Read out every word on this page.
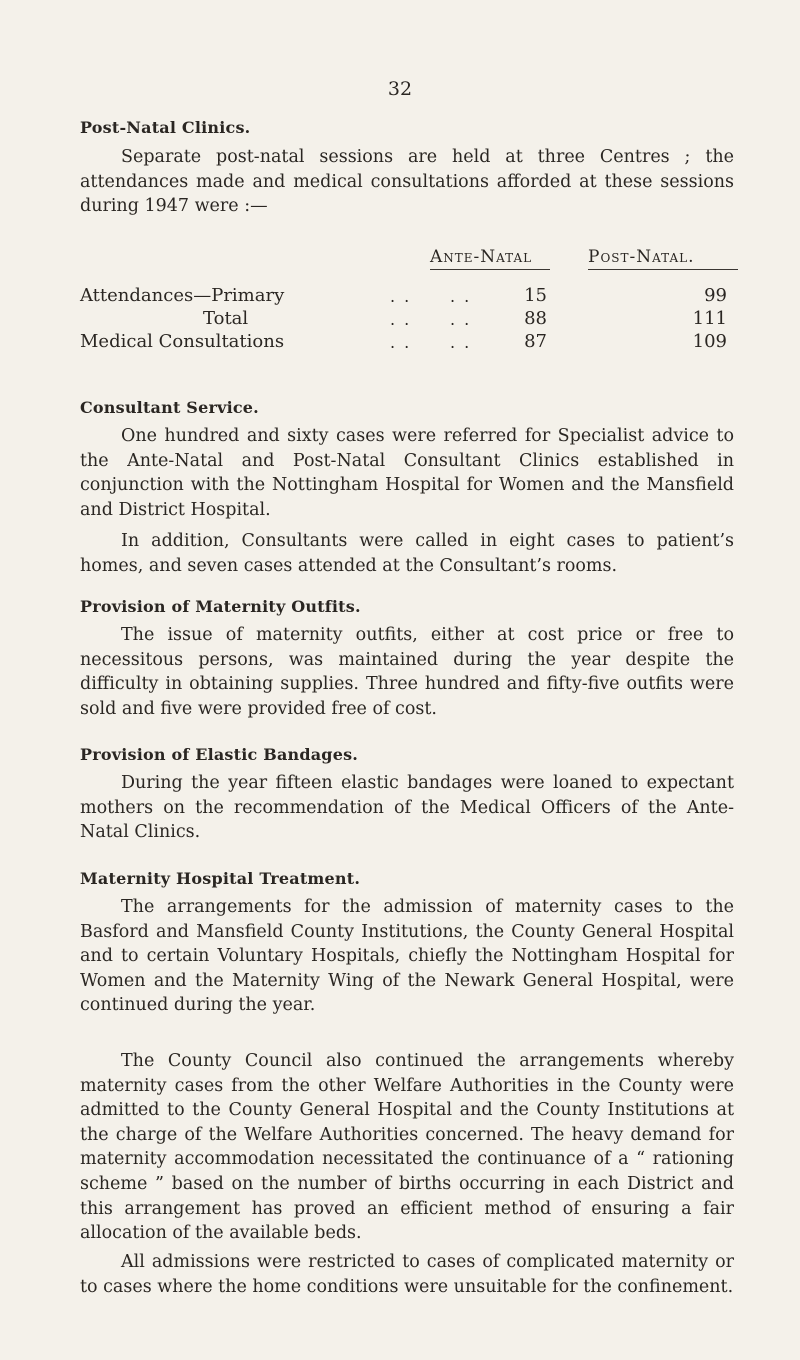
32
Post-Natal Clinics.

Separate post-natal sessions are held at three Centres ; the attendances made and medical consultations afforded at these sessions during 1947 were :—

Ante-Natal	Post-Natal.
Attendances—Primary	. . . .	15	99
Total	. . . .	88	111
Medical Consultations	. . . .	87	109
Consultant Service.

One hundred and sixty cases were referred for Specialist advice to the Ante-Natal and Post-Natal Consultant Clinics established in conjunction with the Nottingham Hospital for Women and the Mansfield and District Hospital.

In addition, Consultants were called in eight cases to patient’s homes, and seven cases attended at the Consultant’s rooms.

Provision of Maternity Outfits.

The issue of maternity outfits, either at cost price or free to necessitous persons, was maintained during the year despite the difficulty in obtaining supplies. Three hundred and fifty-five outfits were sold and five were provided free of cost.

Provision of Elastic Bandages.

During the year fifteen elastic bandages were loaned to expectant mothers on the recommendation of the Medical Officers of the Ante-Natal Clinics.

Maternity Hospital Treatment.

The arrangements for the admission of maternity cases to the Basford and Mansfield County Institutions, the County General Hospital and to certain Voluntary Hospitals, chiefly the Nottingham Hospital for Women and the Maternity Wing of the Newark General Hospital, were continued during the year.

The County Council also continued the arrangements whereby maternity cases from the other Welfare Authorities in the County were admitted to the County General Hospital and the County Institutions at the charge of the Welfare Authorities concerned. The heavy demand for maternity accommodation necessitated the continuance of a “ rationing scheme ” based on the number of births occurring in each District and this arrangement has proved an efficient method of ensuring a fair allocation of the available beds.

All admissions were restricted to cases of complicated maternity or to cases where the home conditions were unsuitable for the confinement.
